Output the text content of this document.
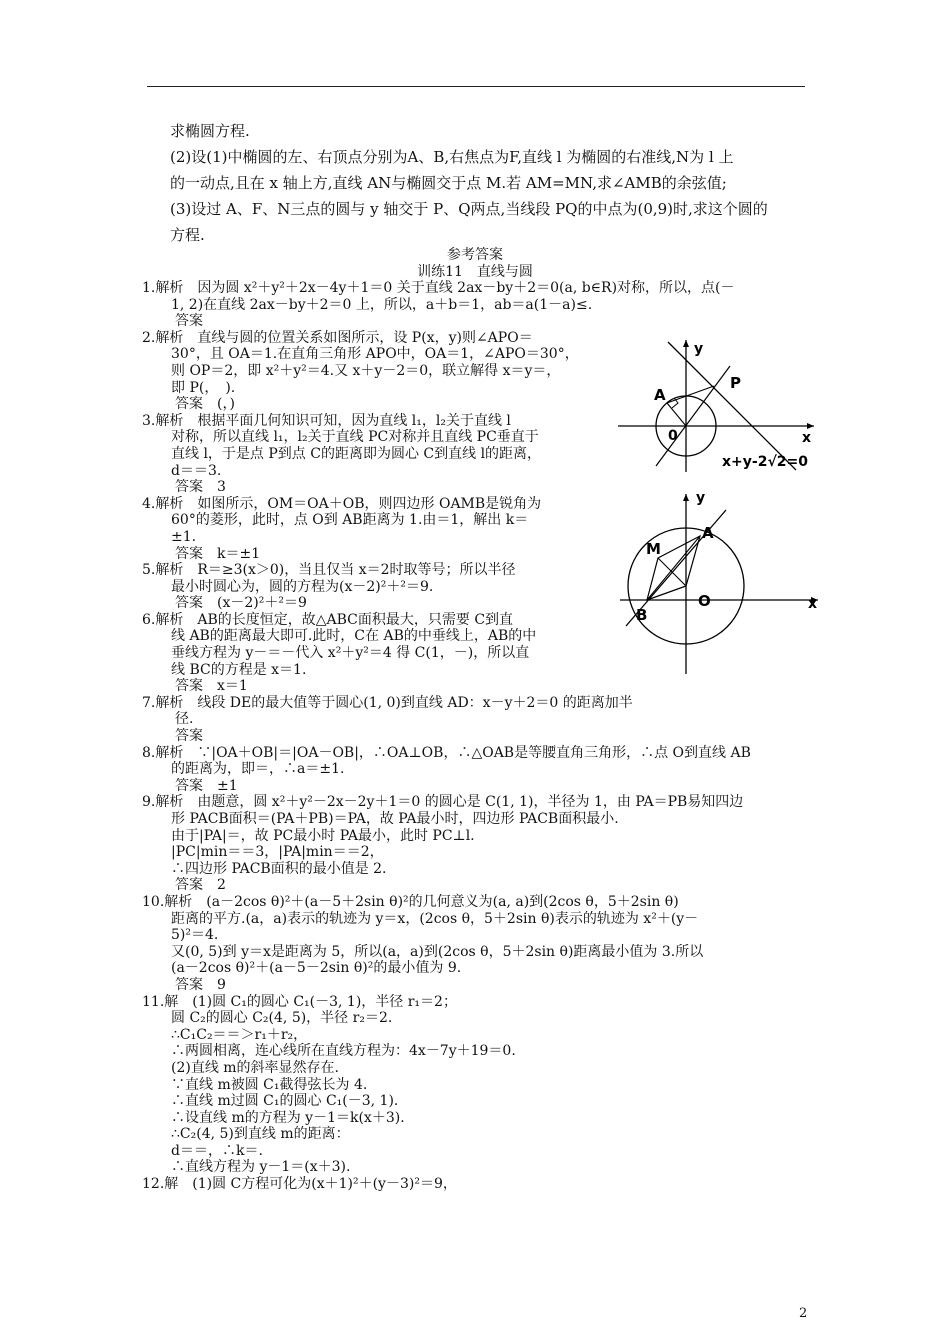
求椭圆方程.

(2)设(1)中椭圆的左、右顶点分别为A、B,右焦点为F,直线 l 为椭圆的右准线,N为 l 上

的一动点,且在 x 轴上方,直线 AN与椭圆交于点 M.若 AM=MN,求∠AMB的余弦值;

(3)设过 A、F、N三点的圆与 y 轴交于 P、Q两点,当线段 PQ的中点为(0,9)时,求这个圆的

方程.

参考答案
训练11　直线与圆
1.解析　因为圆 x²＋y²＋2x－4y＋1＝0 关于直线 2ax－by＋2＝0(a, b∈R)对称，所以，点(－
1, 2)在直线 2ax－by＋2＝0 上，所以，a＋b＝1，ab＝a(1－a)≤.
答案
2.解析　直线与圆的位置关系如图所示，设 P(x，y)则∠APO＝
30°，且 OA＝1.在直角三角形 APO中，OA＝1，∠APO＝30°，
则 OP＝2，即 x²＋y²＝4.又 x＋y－2＝0，联立解得 x＝y＝，
即 P(，　).
答案　(，)
3.解析　根据平面几何知识可知，因为直线 l₁，l₂关于直线 l
对称，所以直线 l₁，l₂关于直线 PC对称并且直线 PC垂直于
直线 l，于是点 P到点 C的距离即为圆心 C到直线 l的距离，
d＝＝3.
答案　3
4.解析　如图所示，OM＝OA＋OB，则四边形 OAMB是锐角为
60°的菱形，此时，点 O到 AB距离为 1.由＝1，解出 k＝
±1.
答案　k＝±1
5.解析　R＝≥3(x＞0)，当且仅当 x＝2时取等号；所以半径
最小时圆心为，圆的方程为(x－2)²＋²＝9.
答案　(x－2)²＋²＝9
6.解析　AB的长度恒定，故△ABC面积最大，只需要 C到直
线 AB的距离最大即可.此时，C在 AB的中垂线上，AB的中
垂线方程为 y－＝－代入 x²＋y²＝4 得 C(1，－)，所以直
线 BC的方程是 x＝1.
答案　x＝1
7.解析　线段 DE的最大值等于圆心(1, 0)到直线 AD：x－y＋2＝0 的距离加半
径.
答案
8.解析　∵|OA＋OB|＝|OA－OB|，∴OA⊥OB，∴△OAB是等腰直角三角形，∴点 O到直线 AB
的距离为，即＝，∴a＝±1.
答案　±1
9.解析　由题意，圆 x²＋y²－2x－2y＋1＝0 的圆心是 C(1, 1)，半径为 1，由 PA＝PB易知四边
形 PACB面积＝(PA＋PB)＝PA，故 PA最小时，四边形 PACB面积最小.
由于|PA|＝，故 PC最小时 PA最小，此时 PC⊥l.
|PC|min＝＝3，|PA|min＝＝2，
∴四边形 PACB面积的最小值是 2.
答案　2
10.解析　(a－2cos θ)²＋(a－5＋2sin θ)²的几何意义为(a, a)到(2cos θ，5＋2sin θ)
距离的平方.(a，a)表示的轨迹为 y＝x，(2cos θ，5＋2sin θ)表示的轨迹为 x²＋(y－
5)²＝4.
又(0, 5)到 y＝x是距离为 5，所以(a，a)到(2cos θ，5＋2sin θ)距离最小值为 3.所以
(a－2cos θ)²＋(a－5－2sin θ)²的最小值为 9.
答案　9
11.解　(1)圆 C₁的圆心 C₁(－3, 1)，半径 r₁＝2；
圆 C₂的圆心 C₂(4, 5)，半径 r₂＝2.
∴C₁C₂＝＝＞r₁＋r₂，
∴两圆相离，连心线所在直线方程为：4x－7y＋19＝0.
(2)直线 m的斜率显然存在.
∵直线 m被圆 C₁截得弦长为 4.
∴直线 m过圆 C₁的圆心 C₁(－3, 1).
∴设直线 m的方程为 y－1＝k(x＋3).
∴C₂(4, 5)到直线 m的距离：
d＝＝，∴k＝.
∴直线方程为 y－1＝(x＋3).
12.解　(1)圆 C方程可化为(x＋1)²＋(y－3)²＝9，
y
x
0
A
P
x+y-2√2=0
y
x
O
A
M
B
2
